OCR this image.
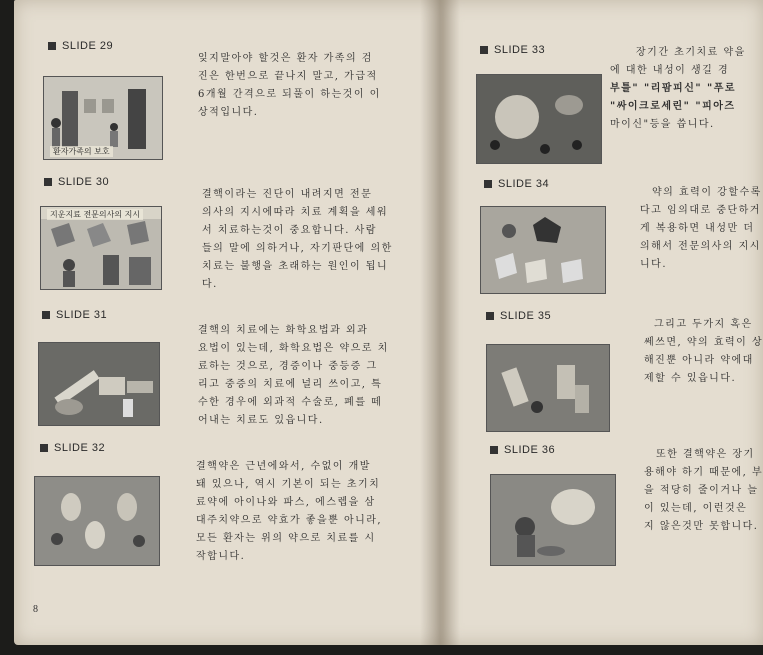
SLIDE 29
환자가족의 보호
잊지말아야 할것은 환자 가족의 검
진은 한번으로 끝나지 말고, 가급적
6개월 간격으로 되풀이 하는것이 이
상적입니다.
SLIDE 30
지운지료 전문의사의 지시
결핵이라는 진단이 내려지면 전문
의사의 지시에따라 치료 계획을 세워
서 치료하는것이 중요합니다. 사람
들의 말에 의하거나, 자기판단에 의한
치료는 불행을 초래하는 원인이 됩니
다.
SLIDE 31
결핵의 치료에는 화학요법과 외과
요법이 있는데, 화학요법은 약으로 치
료하는 것으로, 경증이나 중등증 그
리고 중증의 치료에 널리 쓰이고, 특
수한 경우에 외과적 수술로, 폐를 떼
어내는 치료도 있읍니다.
SLIDE 32
결핵약은 근년에와서, 수없이 개발
돼 있으나, 역시 기본이 되는 초기치
료약에 아이나와 파스, 에스렙을 삼
대주치약으로 약효가 좋을뿐 아니라,
모든 환자는 위의 약으로 치료를 시
작합니다.
8
SLIDE 33	장기간 초기치료 약을
에 대한 내성이 생길 경
부틀" "리팜피신" "푸로
"싸이크로세린" "피아즈
마이신"등을 씁니다.
SLIDE 34
약의 효력이 강할수록
다고 임의대로 중단하거
게 복용하면 내성만 더
의해서 전문의사의 지시
니다.
SLIDE 35
그리고 두가지 혹은
쎄쓰면, 약의 효력이 상
해진뿐 아니라 약에대
제할 수 있읍니다.
SLIDE 36	또한 결핵약은 장기
용해야 하기 때문에, 부
을 적당히 줄이거나 늘
이 있는데, 이런것은
지 않은것만 못합니다.
